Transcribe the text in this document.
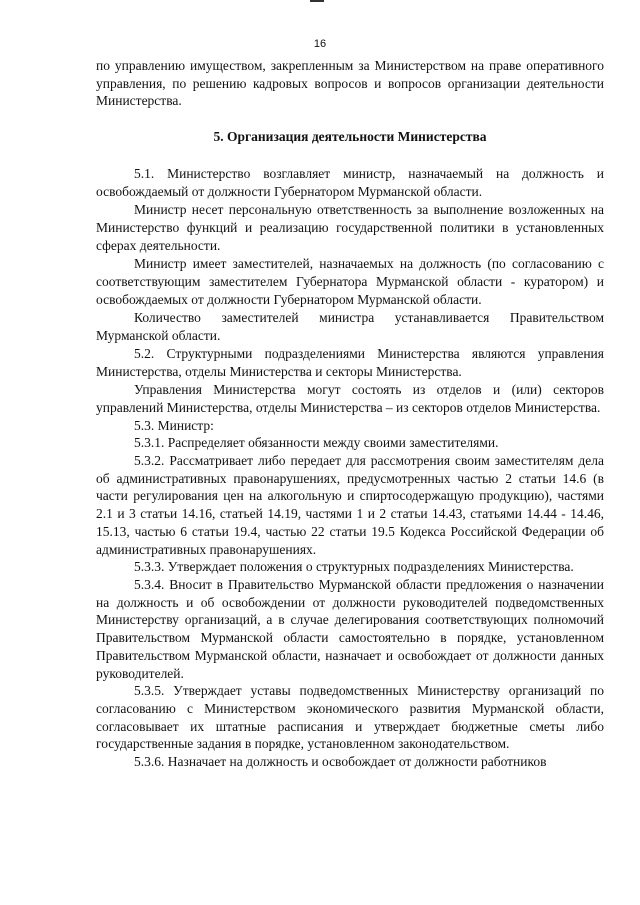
16

по управлению имуществом, закрепленным за Министерством на праве оперативного управления, по решению кадровых вопросов и вопросов организации деятельности Министерства.

5. Организация деятельности Министерства

5.1. Министерство возглавляет министр, назначаемый на должность и освобождаемый от должности Губернатором Мурманской области.

Министр несет персональную ответственность за выполнение возложенных на Министерство функций и реализацию государственной политики в установленных сферах деятельности.

Министр имеет заместителей, назначаемых на должность (по согласованию с соответствующим заместителем Губернатора Мурманской области - куратором) и освобождаемых от должности Губернатором Мурманской области.

Количество заместителей министра устанавливается Правительством Мурманской области.

5.2. Структурными подразделениями Министерства являются управления Министерства, отделы Министерства и секторы Министерства.

Управления Министерства могут состоять из отделов и (или) секторов управлений Министерства, отделы Министерства – из секторов отделов Министерства.

5.3. Министр:

5.3.1. Распределяет обязанности между своими заместителями.

5.3.2. Рассматривает либо передает для рассмотрения своим заместителям дела об административных правонарушениях, предусмотренных частью 2 статьи 14.6 (в части регулирования цен на алкогольную и спиртосодержащую продукцию), частями 2.1 и 3 статьи 14.16, статьей 14.19, частями 1 и 2 статьи 14.43, статьями 14.44 - 14.46, 15.13, частью 6 статьи 19.4, частью 22 статьи 19.5 Кодекса Российской Федерации об административных правонарушениях.

5.3.3. Утверждает положения о структурных подразделениях Министерства.

5.3.4. Вносит в Правительство Мурманской области предложения о назначении на должность и об освобождении от должности руководителей подведомственных Министерству организаций, а в случае делегирования соответствующих полномочий Правительством Мурманской области самостоятельно в порядке, установленном Правительством Мурманской области, назначает и освобождает от должности данных руководителей.

5.3.5. Утверждает уставы подведомственных Министерству организаций по согласованию с Министерством экономического развития Мурманской области, согласовывает их штатные расписания и утверждает бюджетные сметы либо государственные задания в порядке, установленном законодательством.

5.3.6. Назначает на должность и освобождает от должности работников
